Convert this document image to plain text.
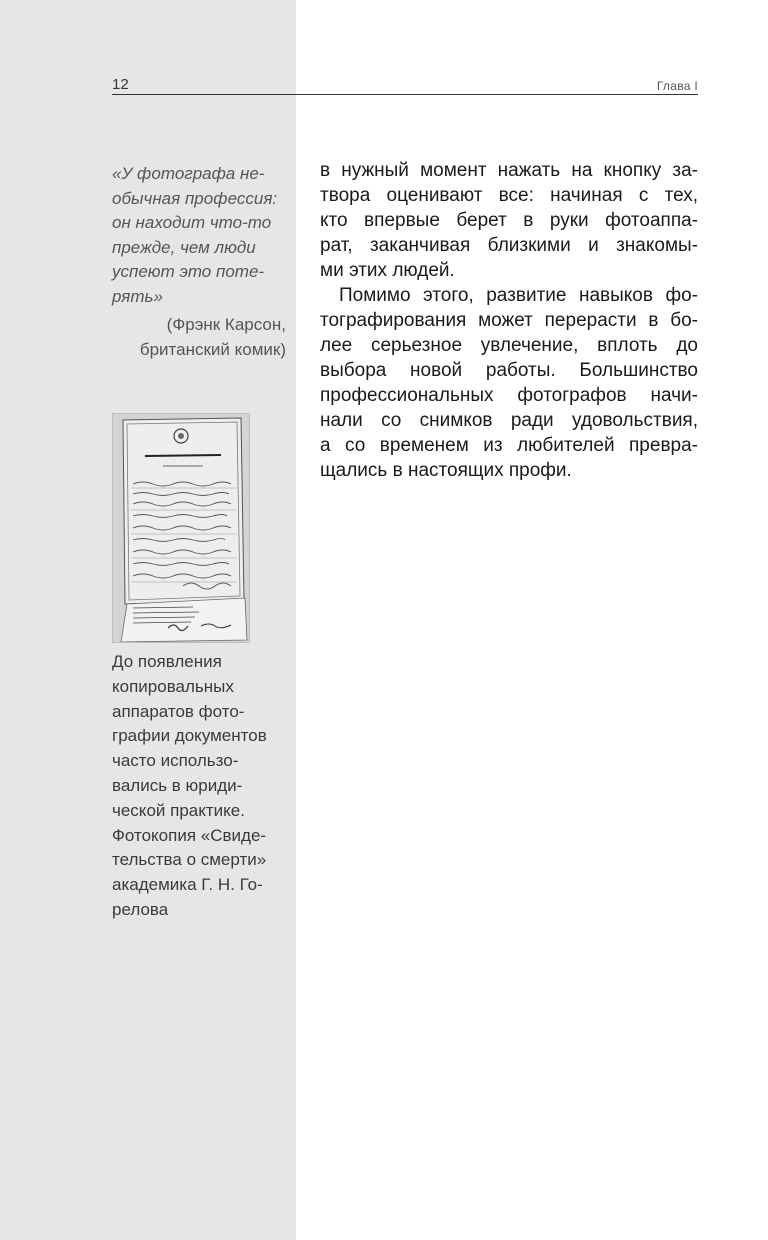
12	Глава I

«У фотографа не-

обычная профессия:

он находит что-то

прежде, чем люди

успеют это поте-

рять»

(Фрэнк Карсон,
британский комик)
До появления
копировальных
аппаратов фото-
графии документов
часто использо-
вались в юриди-
ческой практике.
Фотокопия «Свиде-
тельства о смерти»
академика Г. Н. Го-
релова
в нужный момент нажать на кнопку за-
твора оценивают все: начиная с тех,
кто впервые берет в руки фотоаппа-
рат, заканчивая близкими и знакомы-
ми этих людей.
Помимо этого, развитие навыков фо-
тографирования может перерасти в бо-
лее серьезное увлечение, вплоть до
выбора новой работы. Большинство
профессиональных фотографов начи-
нали со снимков ради удовольствия,
а со временем из любителей превра-
щались в настоящих профи.
